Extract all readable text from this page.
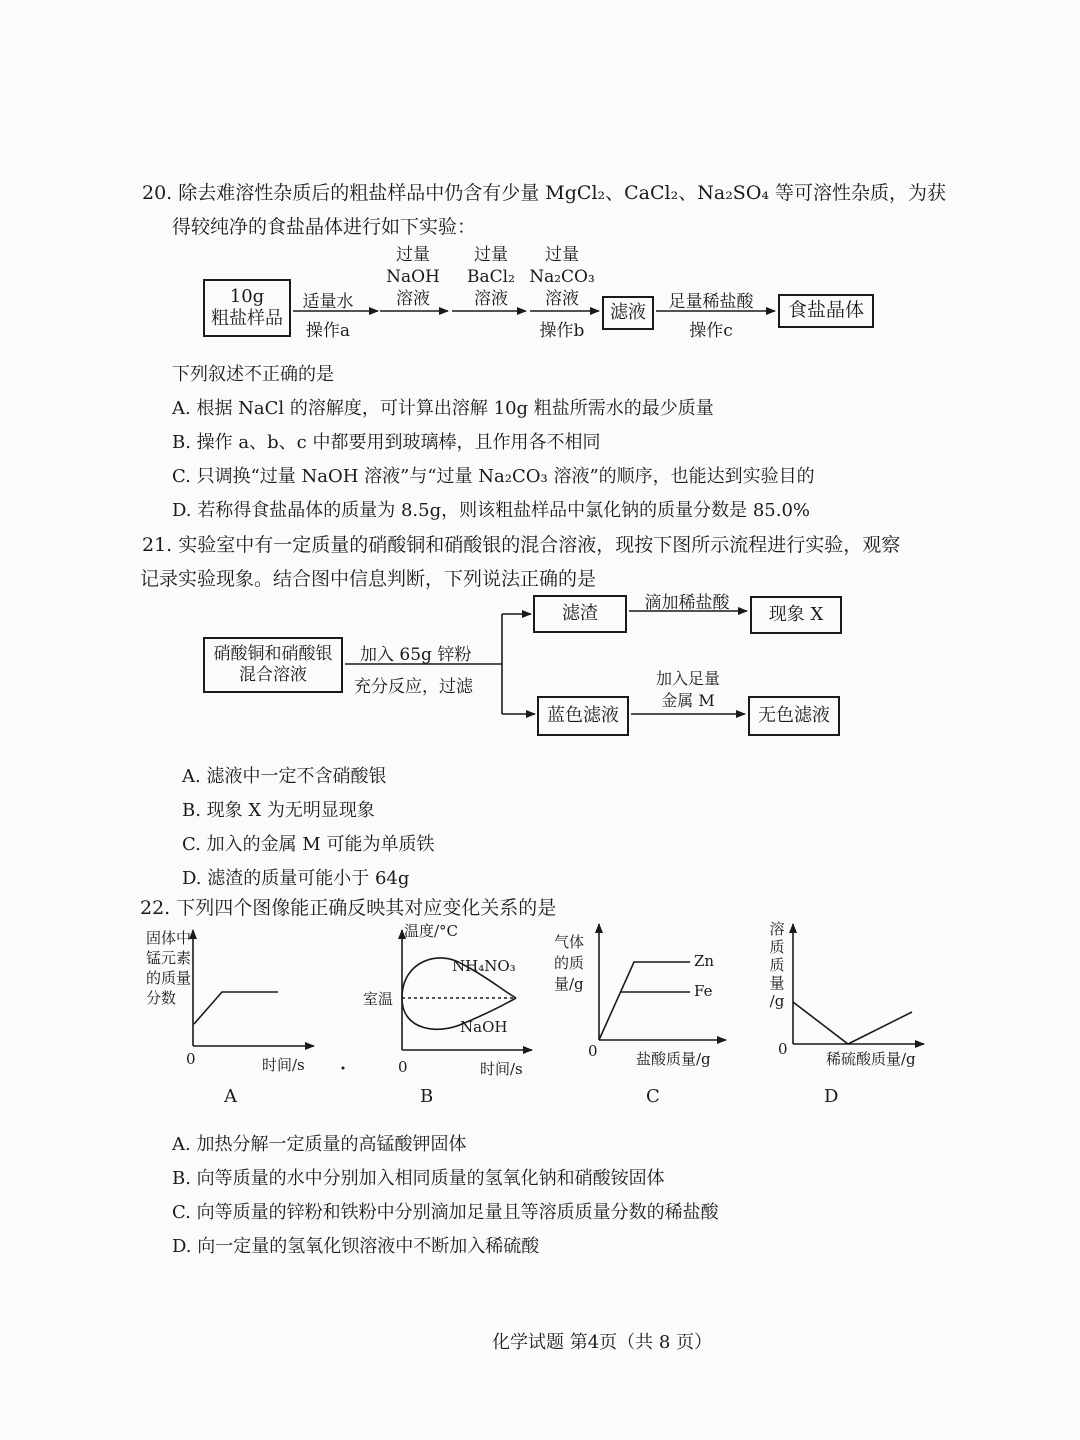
20. 除去难溶性杂质后的粗盐样品中仍含有少量 MgCl₂、CaCl₂、Na₂SO₄ 等可溶性杂质，为获
得较纯净的食盐晶体进行如下实验：
10g
粗盐样品
适量水
操作a
过量
NaOH
溶液
过量
BaCl₂
溶液
过量
Na₂CO₃
溶液
操作b
滤液	足量稀盐酸
操作c
食盐晶体
下列叙述不正确的是
A. 根据 NaCl 的溶解度，可计算出溶解 10g 粗盐所需水的最少质量
B. 操作 a、b、c 中都要用到玻璃棒，且作用各不相同
C. 只调换“过量 NaOH 溶液”与“过量 Na₂CO₃ 溶液”的顺序，也能达到实验目的
D. 若称得食盐晶体的质量为 8.5g，则该粗盐样品中氯化钠的质量分数是 85.0%
21. 实验室中有一定质量的硝酸铜和硝酸银的混合溶液，现按下图所示流程进行实验，观察
记录实验现象。结合图中信息判断，下列说法正确的是
硝酸铜和硝酸银
混合溶液
加入 65g 锌粉
充分反应，过滤
滤渣	滴加稀盐酸
现象 X
蓝色滤液
加入足量
金属 M
无色滤液
A. 滤液中一定不含硝酸银
B. 现象 X 为无明显现象
C. 加入的金属 M 可能为单质铁
D. 滤渣的质量可能小于 64g
22. 下列四个图像能正确反映其对应变化关系的是
固体中
锰元素
的质量
分数
0	时间/s
A
温度/°C
室温
NH₄NO₃
NaOH
0	时间/s
B
气体
的质
量/g
Zn
Fe
0	盐酸质量/g
C
溶
质
质
量
/g
0
稀硫酸质量/g
D
A. 加热分解一定质量的高锰酸钾固体
B. 向等质量的水中分别加入相同质量的氢氧化钠和硝酸铵固体
C. 向等质量的锌粉和铁粉中分别滴加足量且等溶质质量分数的稀盐酸
D. 向一定量的氢氧化钡溶液中不断加入稀硫酸
化学试题 第4页（共 8 页）
